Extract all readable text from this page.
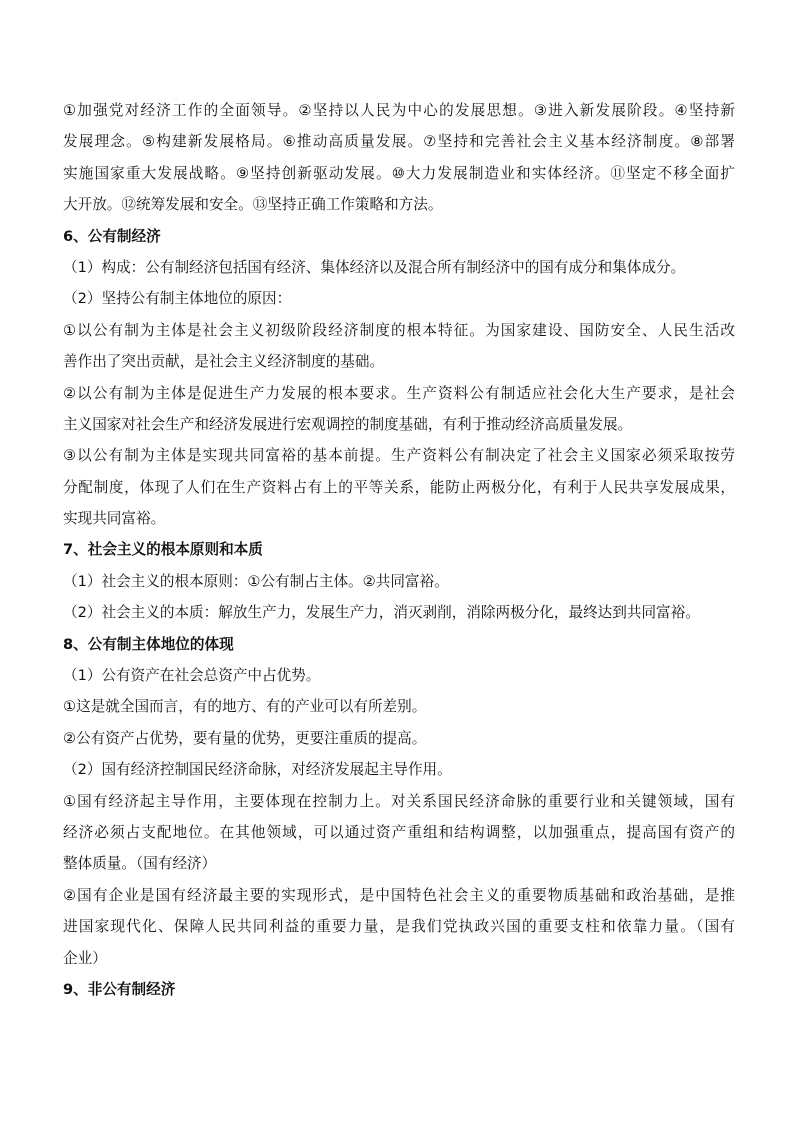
①加强党对经济工作的全面领导。②坚持以人民为中心的发展思想。③进入新发展阶段。④坚持新
发展理念。⑤构建新发展格局。⑥推动高质量发展。⑦坚持和完善社会主义基本经济制度。⑧部署
实施国家重大发展战略。⑨坚持创新驱动发展。⑩大力发展制造业和实体经济。⑪坚定不移全面扩
大开放。⑫统筹发展和安全。⑬坚持正确工作策略和方法。
6、公有制经济
（1）构成：公有制经济包括国有经济、集体经济以及混合所有制经济中的国有成分和集体成分。
（2）坚持公有制主体地位的原因：
①以公有制为主体是社会主义初级阶段经济制度的根本特征。为国家建设、国防安全、人民生活改
善作出了突出贡献，是社会主义经济制度的基础。
②以公有制为主体是促进生产力发展的根本要求。生产资料公有制适应社会化大生产要求，是社会
主义国家对社会生产和经济发展进行宏观调控的制度基础，有利于推动经济高质量发展。
③以公有制为主体是实现共同富裕的基本前提。生产资料公有制决定了社会主义国家必须采取按劳
分配制度，体现了人们在生产资料占有上的平等关系，能防止两极分化，有利于人民共享发展成果，
实现共同富裕。
7、社会主义的根本原则和本质
（1）社会主义的根本原则：①公有制占主体。②共同富裕。
（2）社会主义的本质：解放生产力，发展生产力，消灭剥削，消除两极分化，最终达到共同富裕。
8、公有制主体地位的体现
（1）公有资产在社会总资产中占优势。
①这是就全国而言，有的地方、有的产业可以有所差别。
②公有资产占优势，要有量的优势，更要注重质的提高。
（2）国有经济控制国民经济命脉，对经济发展起主导作用。
①国有经济起主导作用，主要体现在控制力上。对关系国民经济命脉的重要行业和关键领域，国有
经济必须占支配地位。在其他领域，可以通过资产重组和结构调整，以加强重点，提高国有资产的
整体质量。（国有经济）
②国有企业是国有经济最主要的实现形式，是中国特色社会主义的重要物质基础和政治基础，是推
进国家现代化、保障人民共同利益的重要力量，是我们党执政兴国的重要支柱和依靠力量。（国有
企业）
9、非公有制经济
